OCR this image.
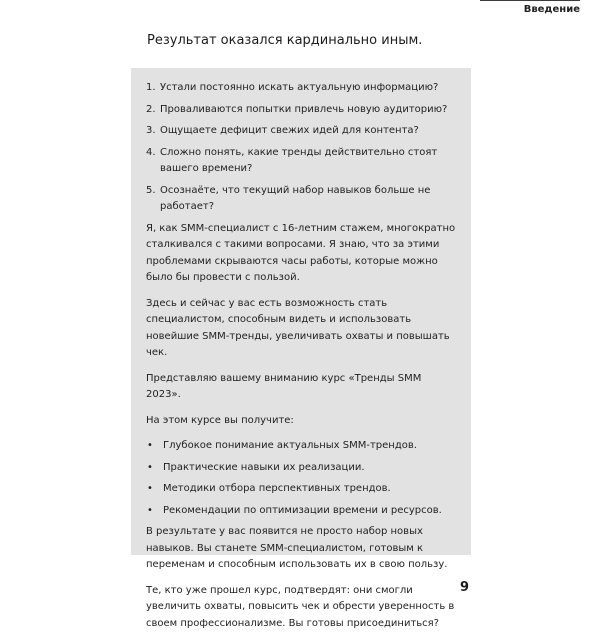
Введение
Результат оказался кардинально иным.
1. Устали постоянно искать актуальную информацию?
2. Проваливаются попытки привлечь новую аудиторию?
3. Ощущаете дефицит свежих идей для контента?
4. Сложно понять, какие тренды действительно стоят вашего времени?
5. Осознаёте, что текущий набор навыков больше не работает?

Я, как SMM-специалист с 16-летним стажем, многократно сталкивался с такими вопросами. Я знаю, что за этими проблемами скрываются часы работы, которые можно было бы провести с пользой.

Здесь и сейчас у вас есть возможность стать специалистом, способным видеть и использовать новейшие SMM-тренды, увеличивать охваты и повышать чек.

Представляю вашему вниманию курс «Тренды SMM 2023».

На этом курсе вы получите:

•	Глубокое понимание актуальных SMM-трендов.
•	Практические навыки их реализации.
•	Методики отбора перспективных трендов.
•	Рекомендации по оптимизации времени и ресурсов.

В результате у вас появится не просто набор новых навыков. Вы станете SMM-специалистом, готовым к переменам и способным использовать их в свою пользу.

Те, кто уже прошел курс, подтвердят: они смогли увеличить охваты, повысить чек и обрести уверенность в своем профессионализме. Вы готовы присоединиться?

9
